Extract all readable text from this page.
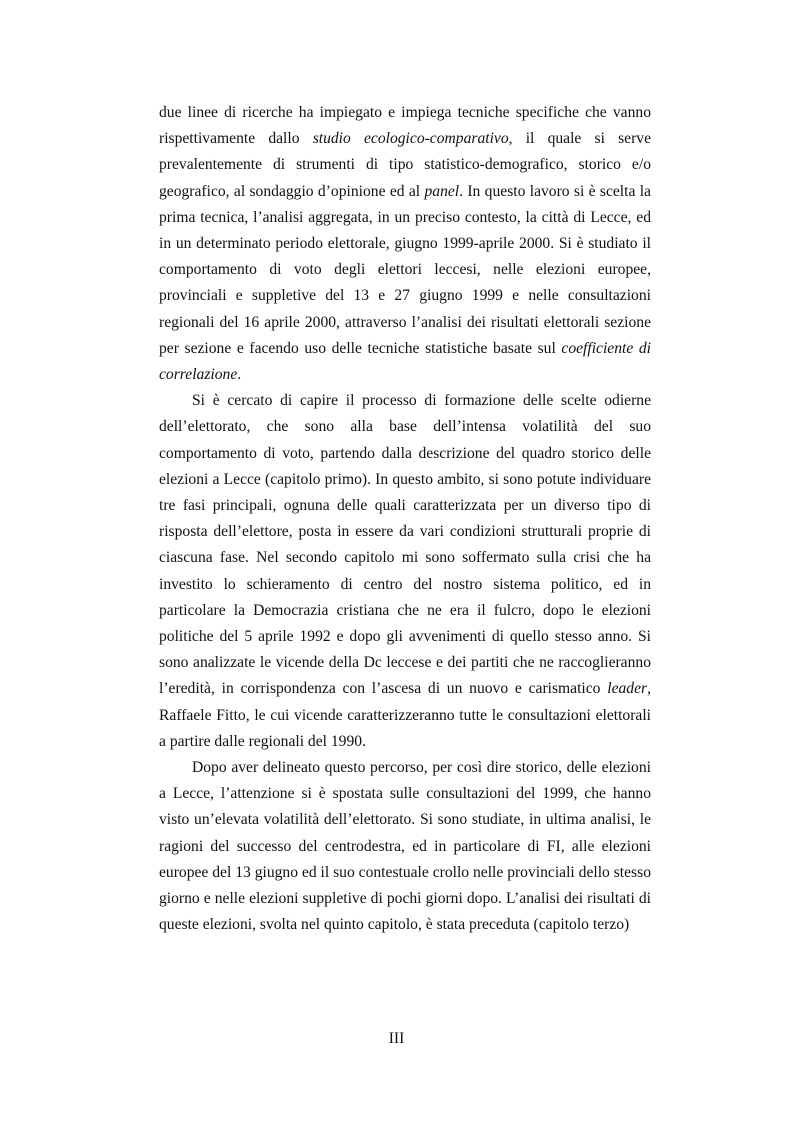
due linee di ricerche ha impiegato e impiega tecniche specifiche che vanno rispettivamente dallo studio ecologico-comparativo, il quale si serve prevalentemente di strumenti di tipo statistico-demografico, storico e/o geografico, al sondaggio d’opinione ed al panel. In questo lavoro si è scelta la prima tecnica, l’analisi aggregata, in un preciso contesto, la città di Lecce, ed in un determinato periodo elettorale, giugno 1999-aprile 2000. Si è studiato il comportamento di voto degli elettori leccesi, nelle elezioni europee, provinciali e suppletive del 13 e 27 giugno 1999 e nelle consultazioni regionali del 16 aprile 2000, attraverso l’analisi dei risultati elettorali sezione per sezione e facendo uso delle tecniche statistiche basate sul coefficiente di correlazione.

Si è cercato di capire il processo di formazione delle scelte odierne dell’elettorato, che sono alla base dell’intensa volatilità del suo comportamento di voto, partendo dalla descrizione del quadro storico delle elezioni a Lecce (capitolo primo). In questo ambito, si sono potute individuare tre fasi principali, ognuna delle quali caratterizzata per un diverso tipo di risposta dell’elettore, posta in essere da vari condizioni strutturali proprie di ciascuna fase. Nel secondo capitolo mi sono soffermato sulla crisi che ha investito lo schieramento di centro del nostro sistema politico, ed in particolare la Democrazia cristiana che ne era il fulcro, dopo le elezioni politiche del 5 aprile 1992 e dopo gli avvenimenti di quello stesso anno. Si sono analizzate le vicende della Dc leccese e dei partiti che ne raccoglieranno l’eredità, in corrispondenza con l’ascesa di un nuovo e carismatico leader, Raffaele Fitto, le cui vicende caratterizzeranno tutte le consultazioni elettorali a partire dalle regionali del 1990.

Dopo aver delineato questo percorso, per così dire storico, delle elezioni a Lecce, l’attenzione si è spostata sulle consultazioni del 1999, che hanno visto un’elevata volatilità dell’elettorato. Si sono studiate, in ultima analisi, le ragioni del successo del centrodestra, ed in particolare di FI, alle elezioni europee del 13 giugno ed il suo contestuale crollo nelle provinciali dello stesso giorno e nelle elezioni suppletive di pochi giorni dopo. L’analisi dei risultati di queste elezioni, svolta nel quinto capitolo, è stata preceduta (capitolo terzo)

III
